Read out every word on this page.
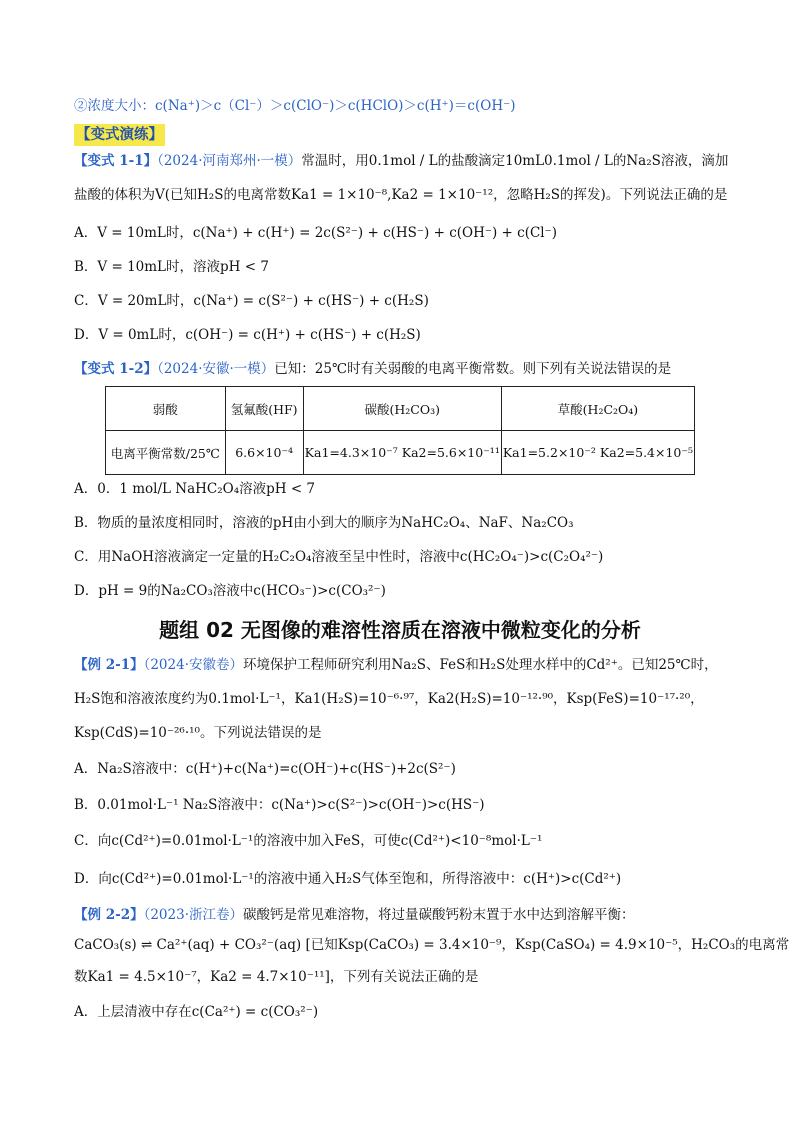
②浓度大小：c(Na⁺)＞c（Cl⁻）＞c(ClO⁻)＞c(HClO)＞c(H⁺)＝c(OH⁻)
【变式演练】
【变式 1-1】（2024·河南郑州·一模）常温时，用0.1mol / L的盐酸滴定10mL0.1mol / L的Na₂S溶液，滴加
盐酸的体积为V(已知H₂S的电离常数Ka1 = 1×10⁻⁸,Ka2 = 1×10⁻¹²，忽略H₂S的挥发)。下列说法正确的是
A．V = 10mL时，c(Na⁺) + c(H⁺) = 2c(S²⁻) + c(HS⁻) + c(OH⁻) + c(Cl⁻)
B．V = 10mL时，溶液pH < 7
C．V = 20mL时，c(Na⁺) = c(S²⁻) + c(HS⁻) + c(H₂S)
D．V = 0mL时，c(OH⁻) = c(H⁺) + c(HS⁻) + c(H₂S)
【变式 1-2】（2024·安徽·一模）已知：25℃时有关弱酸的电离平衡常数。则下列有关说法错误的是
弱酸	氢氟酸(HF)	碳酸(H₂CO₃)	草酸(H₂C₂O₄)
电离平衡常数/25℃	6.6×10⁻⁴	Ka1=4.3×10⁻⁷ Ka2=5.6×10⁻¹¹	Ka1=5.2×10⁻² Ka2=5.4×10⁻⁵
A．0．1 mol/L NaHC₂O₄溶液pH < 7
B．物质的量浓度相同时，溶液的pH由小到大的顺序为NaHC₂O₄、NaF、Na₂CO₃
C．用NaOH溶液滴定一定量的H₂C₂O₄溶液至呈中性时，溶液中c(HC₂O₄⁻)>c(C₂O₄²⁻)
D．pH = 9的Na₂CO₃溶液中c(HCO₃⁻)>c(CO₃²⁻)
题组 02 无图像的难溶性溶质在溶液中微粒变化的分析
【例 2-1】（2024·安徽卷）环境保护工程师研究利用Na₂S、FeS和H₂S处理水样中的Cd²⁺。已知25℃时，
H₂S饱和溶液浓度约为0.1mol·L⁻¹，Ka1(H₂S)=10⁻⁶·⁹⁷，Ka2(H₂S)=10⁻¹²·⁹⁰，Ksp(FeS)=10⁻¹⁷·²⁰，
Ksp(CdS)=10⁻²⁶·¹⁰。下列说法错误的是
A．Na₂S溶液中：c(H⁺)+c(Na⁺)=c(OH⁻)+c(HS⁻)+2c(S²⁻)
B．0.01mol·L⁻¹ Na₂S溶液中：c(Na⁺)>c(S²⁻)>c(OH⁻)>c(HS⁻)
C．向c(Cd²⁺)=0.01mol·L⁻¹的溶液中加入FeS，可使c(Cd²⁺)<10⁻⁸mol·L⁻¹
D．向c(Cd²⁺)=0.01mol·L⁻¹的溶液中通入H₂S气体至饱和，所得溶液中：c(H⁺)>c(Cd²⁺)
【例 2-2】（2023·浙江卷）碳酸钙是常见难溶物，将过量碳酸钙粉末置于水中达到溶解平衡：
CaCO₃(s) ⇌ Ca²⁺(aq) + CO₃²⁻(aq) [已知Ksp(CaCO₃) = 3.4×10⁻⁹，Ksp(CaSO₄) = 4.9×10⁻⁵，H₂CO₃的电离常
数Ka1 = 4.5×10⁻⁷，Ka2 = 4.7×10⁻¹¹]，下列有关说法正确的是
A．上层清液中存在c(Ca²⁺) = c(CO₃²⁻)
